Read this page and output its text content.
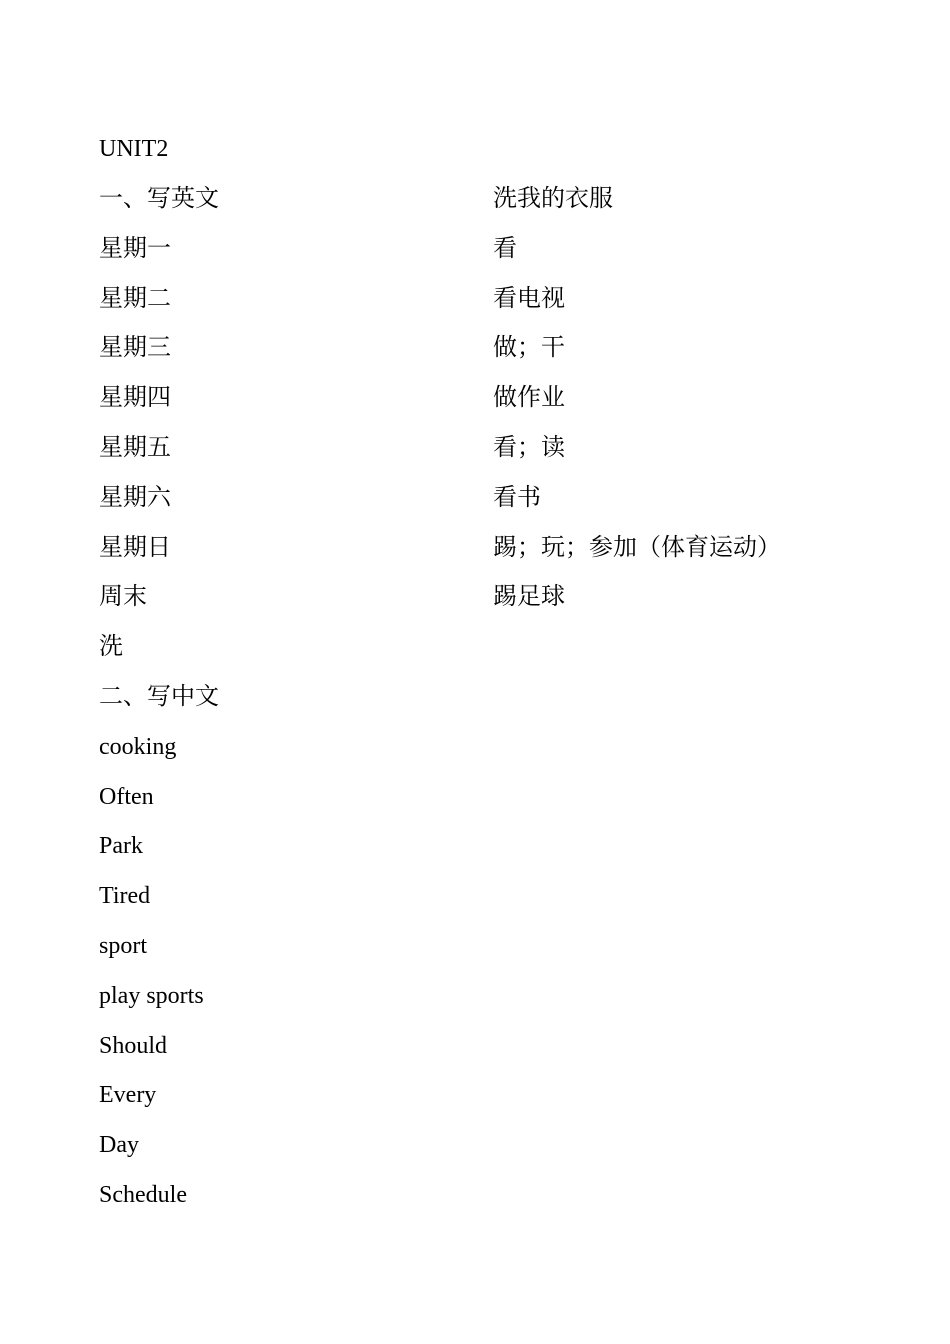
UNIT2

一、写英文
星期一
星期二
星期三
星期四
星期五
星期六
星期日
周末
洗
二、写中文
cooking
Often
Park
Tired
sport
play sports
Should
Every
Day
Schedule
洗我的衣服
看
看电视
做；干
做作业
看；读
看书
踢；玩；参加（体育运动）
踢足球
